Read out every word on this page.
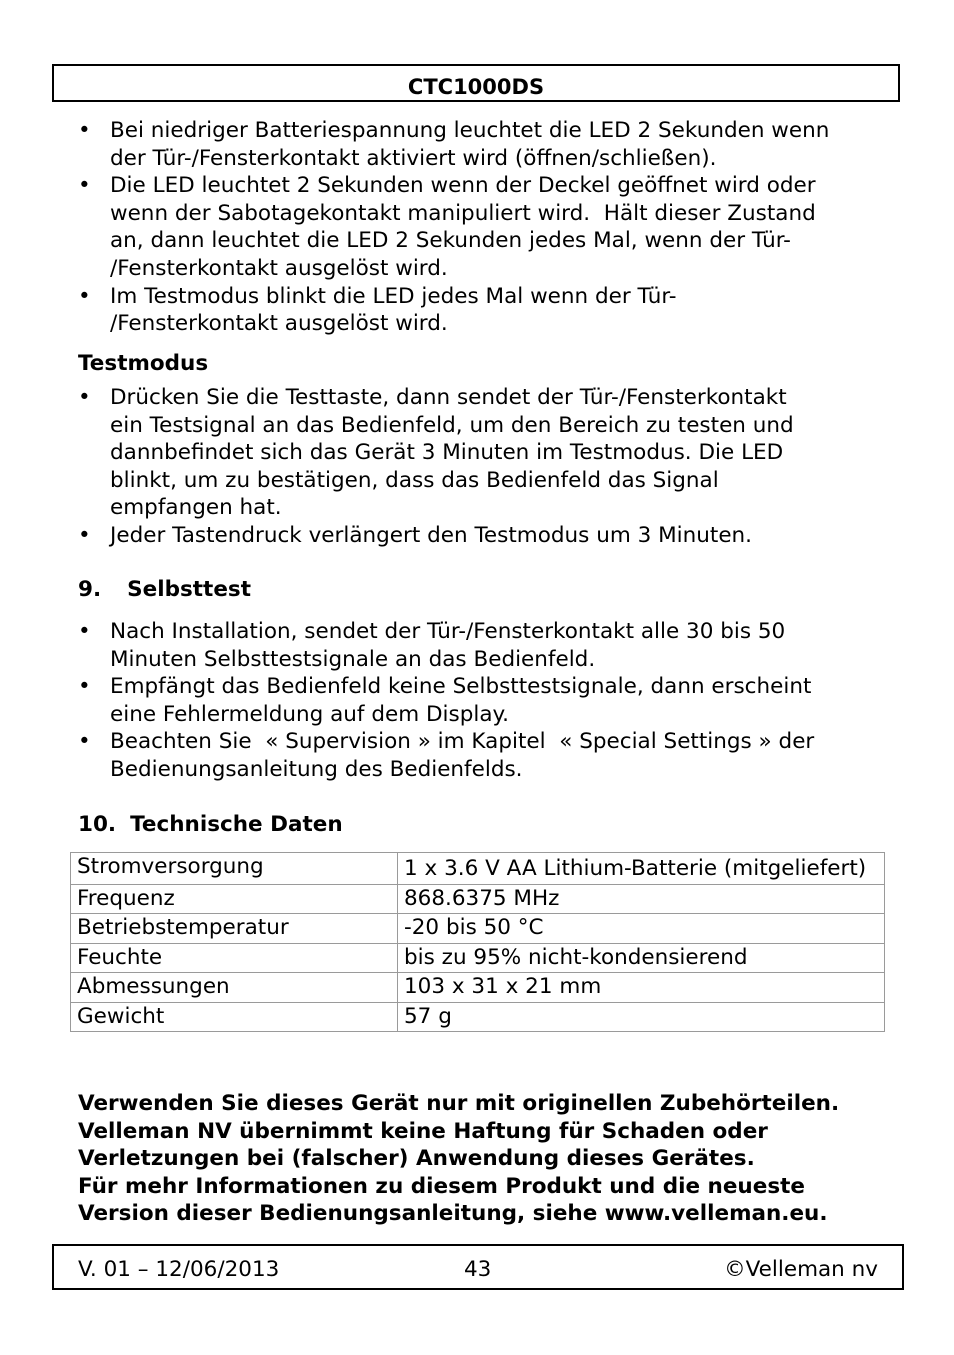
CTC1000DS
• Bei niedriger Batteriespannung leuchtet die LED 2 Sekunden wenn
der Tür-/Fensterkontakt aktiviert wird (öffnen/schließen).
• Die LED leuchtet 2 Sekunden wenn der Deckel geöffnet wird oder
wenn der Sabotagekontakt manipuliert wird.  Hält dieser Zustand
an, dann leuchtet die LED 2 Sekunden jedes Mal, wenn der Tür-
/Fensterkontakt ausgelöst wird.
• Im Testmodus blinkt die LED jedes Mal wenn der Tür-
/Fensterkontakt ausgelöst wird.
Testmodus
• Drücken Sie die Testtaste, dann sendet der Tür-/Fensterkontakt
ein Testsignal an das Bedienfeld, um den Bereich zu testen und
dannbefindet sich das Gerät 3 Minuten im Testmodus. Die LED
blinkt, um zu bestätigen, dass das Bedienfeld das Signal
empfangen hat.
• Jeder Tastendruck verlängert den Testmodus um 3 Minuten.
9. Selbsttest
• Nach Installation, sendet der Tür-/Fensterkontakt alle 30 bis 50
Minuten Selbsttestsignale an das Bedienfeld.
• Empfängt das Bedienfeld keine Selbsttestsignale, dann erscheint
eine Fehlermeldung auf dem Display.
• Beachten Sie  « Supervision » im Kapitel  « Special Settings » der
Bedienungsanleitung des Bedienfelds.
10. Technische Daten
Stromversorgung	1 x 3.6 V AA Lithium-Batterie (mitgeliefert)
Frequenz	868.6375 MHz
Betriebstemperatur	-20 bis 50 °C
Feuchte	bis zu 95% nicht-kondensierend
Abmessungen	103 x 31 x 21 mm
Gewicht	57 g
Verwenden Sie dieses Gerät nur mit originellen Zubehörteilen.
Velleman NV übernimmt keine Haftung für Schaden oder
Verletzungen bei (falscher) Anwendung dieses Gerätes.
Für mehr Informationen zu diesem Produkt und die neueste
Version dieser Bedienungsanleitung, siehe www.velleman.eu.
V. 01 – 12/06/2013	43	©Velleman nv
